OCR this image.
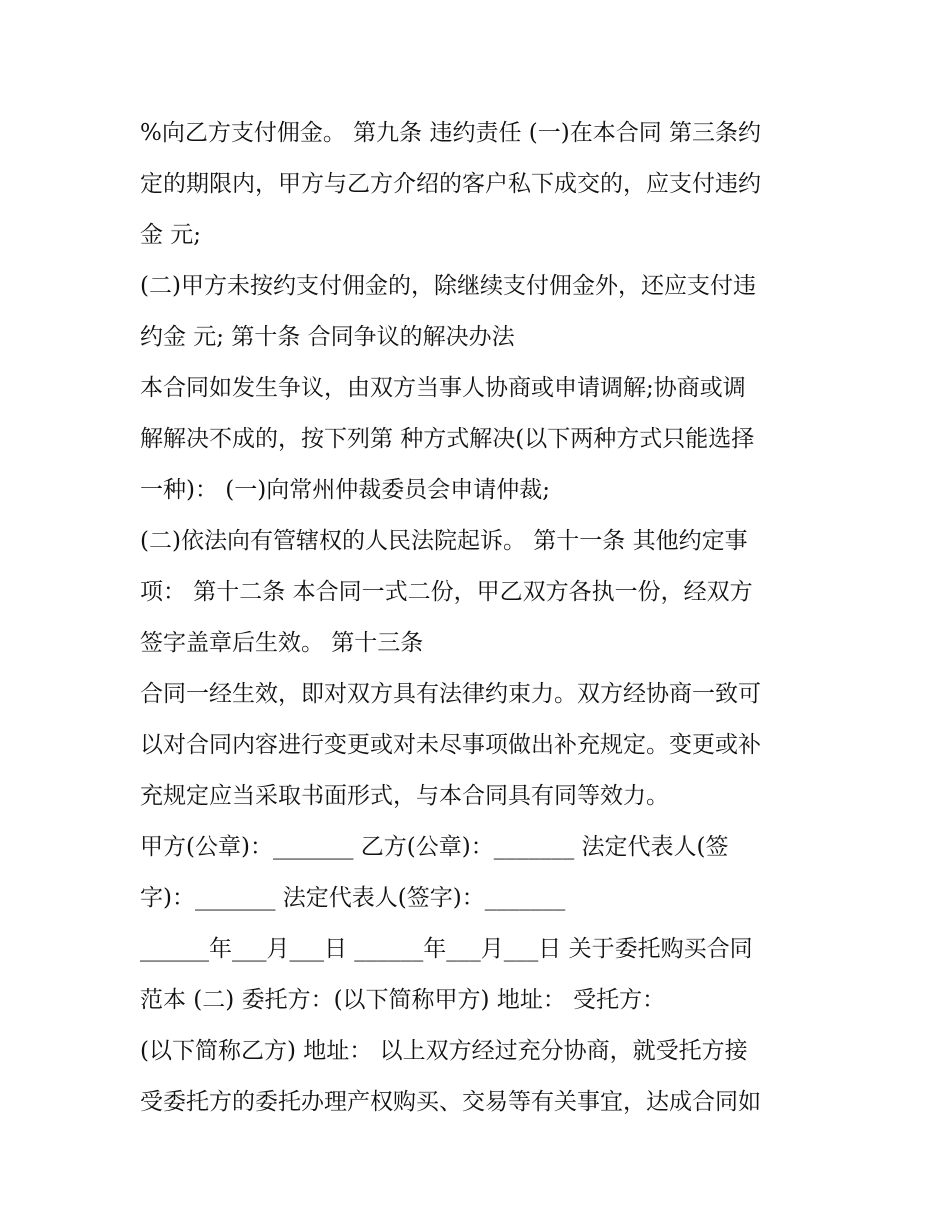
%向乙方支付佣金。 第九条 违约责任 (一)在本合同 第三条约
定的期限内，甲方与乙方介绍的客户私下成交的，应支付违约
金 元;
(二)甲方未按约支付佣金的，除继续支付佣金外，还应支付违
约金 元; 第十条 合同争议的解决办法
本合同如发生争议，由双方当事人协商或申请调解;协商或调
解解决不成的，按下列第 种方式解决(以下两种方式只能选择
一种)： (一)向常州仲裁委员会申请仲裁;
(二)依法向有管辖权的人民法院起诉。 第十一条 其他约定事
项： 第十二条 本合同一式二份，甲乙双方各执一份，经双方
签字盖章后生效。 第十三条
合同一经生效，即对双方具有法律约束力。双方经协商一致可
以对合同内容进行变更或对未尽事项做出补充规定。变更或补
充规定应当采取书面形式，与本合同具有同等效力。
甲方(公章)：_______ 乙方(公章)：_______ 法定代表人(签
字)：_______ 法定代表人(签字)：_______
______年___月___日 ______年___月___日 关于委托购买合同
范本 (二) 委托方：(以下简称甲方) 地址： 受托方：
(以下简称乙方) 地址： 以上双方经过充分协商，就受托方接
受委托方的委托办理产权购买、交易等有关事宜，达成合同如
